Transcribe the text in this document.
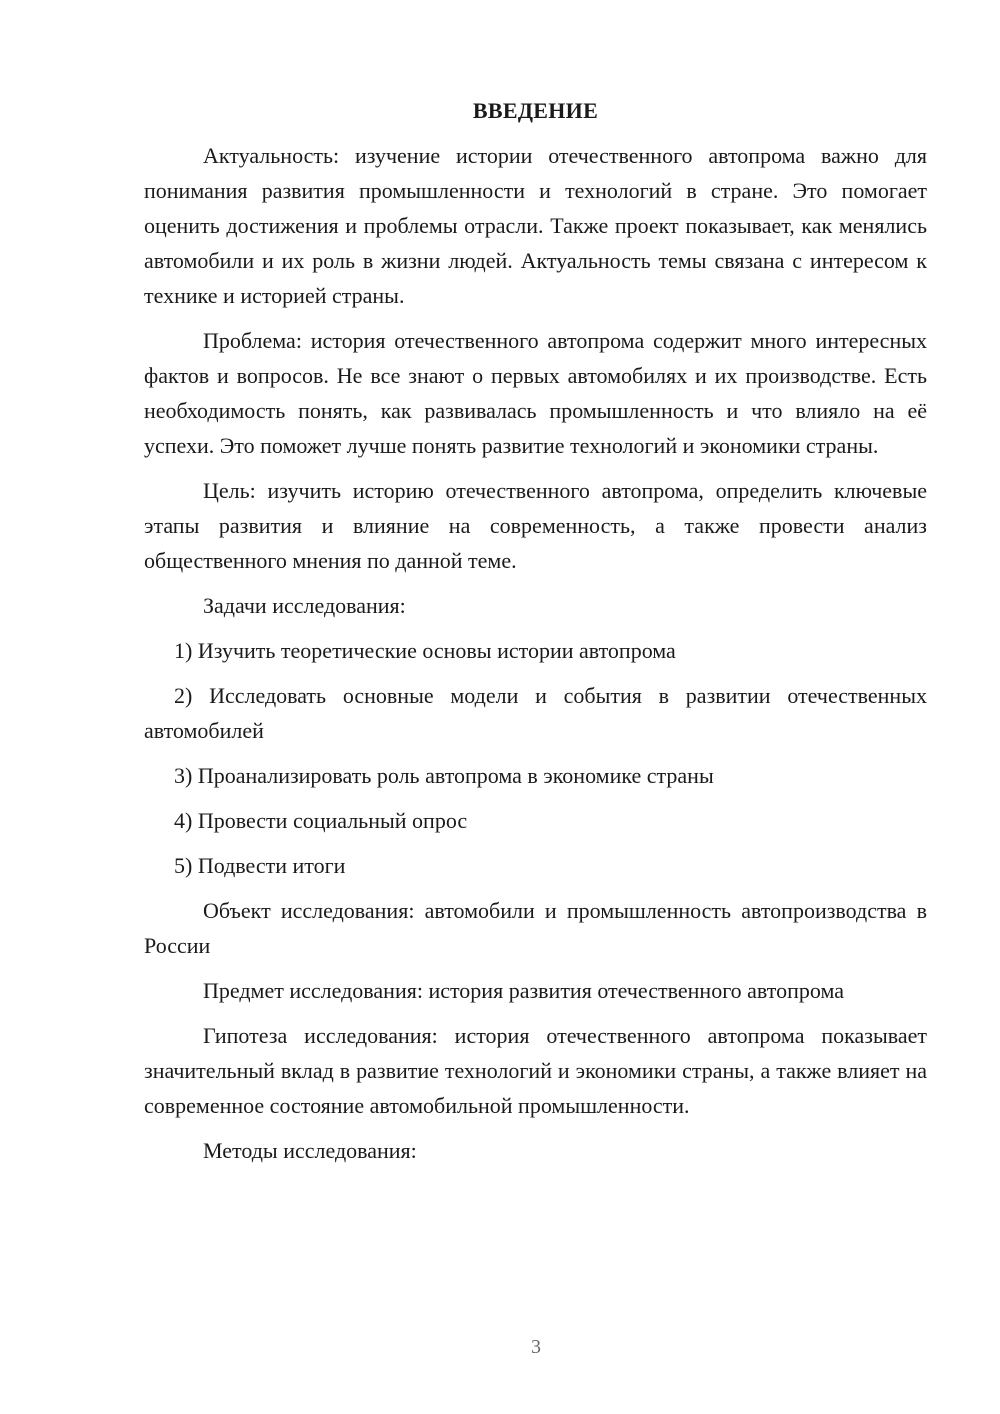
ВВЕДЕНИЕ

Актуальность: изучение истории отечественного автопрома важно для понимания развития промышленности и технологий в стране. Это помогает оценить достижения и проблемы отрасли. Также проект показывает, как менялись автомобили и их роль в жизни людей. Актуальность темы связана с интересом к технике и историей страны.

Проблема: история отечественного автопрома содержит много интересных фактов и вопросов. Не все знают о первых автомобилях и их производстве. Есть необходимость понять, как развивалась промышленность и что влияло на её успехи. Это поможет лучше понять развитие технологий и экономики страны.

Цель: изучить историю отечественного автопрома, определить ключевые этапы развития и влияние на современность, а также провести анализ общественного мнения по данной теме.

Задачи исследования:

1) Изучить теоретические основы истории автопрома

2) Исследовать основные модели и события в развитии отечественных автомобилей

3) Проанализировать роль автопрома в экономике страны

4) Провести социальный опрос

5) Подвести итоги

Объект исследования: автомобили и промышленность автопроизводства в России

Предмет исследования: история развития отечественного автопрома

Гипотеза исследования: история отечественного автопрома показывает значительный вклад в развитие технологий и экономики страны, а также влияет на современное состояние автомобильной промышленности.

Методы исследования:

3
